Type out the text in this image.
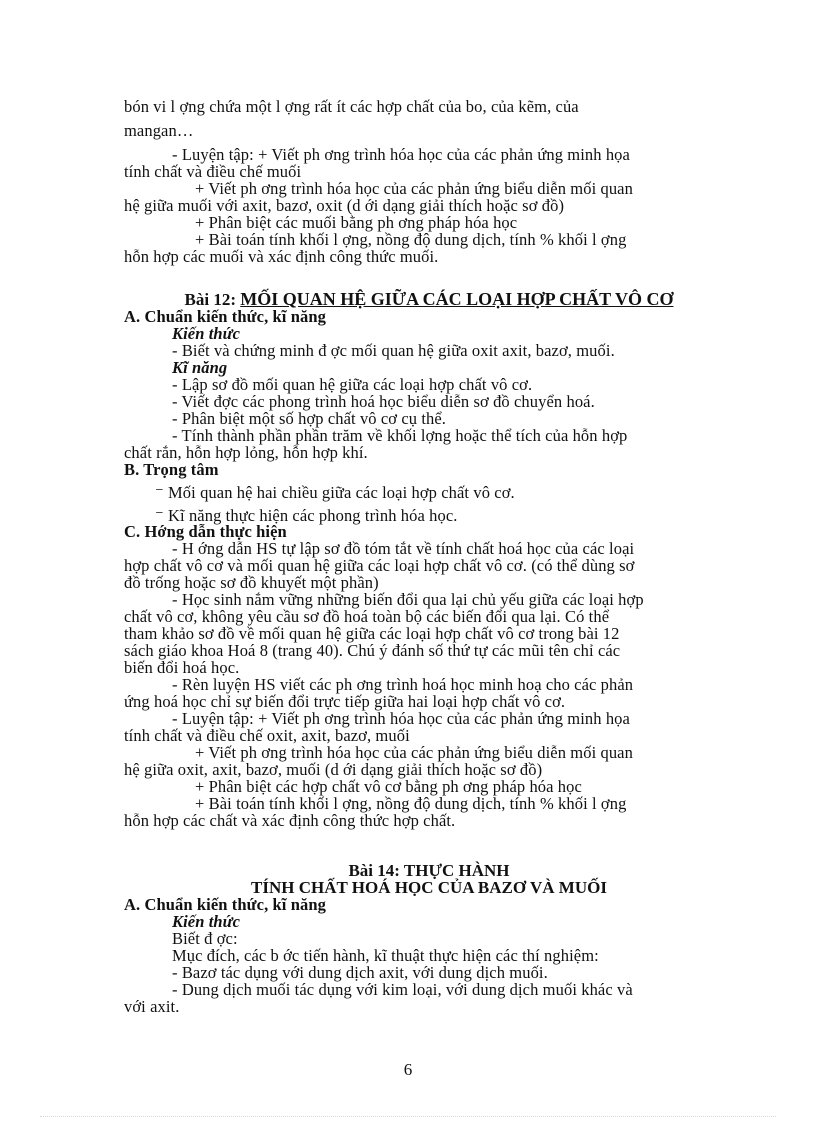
bón vi l ợng chứa một l ợng rất ít các hợp chất của bo, của kẽm, của
mangan…
- Luyện tập: + Viết ph ơng trình hóa học của các phản ứng minh họa
tính chất và điều chế muối
+ Viết ph ơng trình hóa học của các phản ứng biểu diễn mối quan
hệ giữa muối với axit, bazơ, oxit (d ới dạng giải thích hoặc sơ đồ)
+ Phân biệt các muối bằng ph ơng pháp hóa học
+ Bài toán tính khối l ợng, nồng độ dung dịch, tính % khối l ợng
hỗn hợp các muối và xác định công thức muối.
Bài 12: MỐI QUAN HỆ GIỮA CÁC LOẠI HỢP CHẤT VÔ CƠ
A. Chuẩn kiến thức, kĩ năng
Kiến thức
- Biết và chứng minh đ ợc mối quan hệ giữa oxit axit, bazơ, muối.
Kĩ năng
- Lập sơ đồ mối quan hệ giữa các loại hợp chất vô cơ.
- Viết đợc các phong trình hoá học biểu diễn sơ đồ chuyển hoá.
- Phân biệt một số hợp chất vô cơ cụ thể.
- Tính thành phần phần trăm về khối lợng hoặc thể tích của hỗn hợp
chất rắn, hỗn hợp lỏng, hỗn hợp khí.
B. Trọng tâm
⁻ Mối quan hệ hai chiều giữa các loại hợp chất vô cơ.
⁻ Kĩ năng thực hiện các phong trình hóa học.
C. Hớng dẫn thực hiện
- H ớng dẫn HS tự lập sơ đồ tóm tắt về tính chất hoá học của các loại
hợp chất vô cơ và mối quan hệ giữa các loại hợp chất vô cơ. (có thể dùng sơ
đồ trống hoặc sơ đồ khuyết một phần)
- Học sinh nắm vững những biến đổi qua lại chủ yếu giữa các loại hợp
chất vô cơ, không yêu cầu sơ đồ hoá toàn bộ các biến đổi qua lại. Có thể
tham khảo sơ đồ về mối quan hệ giữa các loại hợp chất vô cơ trong bài 12
sách giáo khoa Hoá 8 (trang 40). Chú ý đánh số thứ tự các mũi tên chỉ các
biến đổi hoá học.
- Rèn luyện HS viết các ph ơng trình hoá học minh hoạ cho các phản
ứng hoá học chỉ sự biến đổi trực tiếp giữa hai loại hợp chất vô cơ.
- Luyện tập: + Viết ph ơng trình hóa học của các phản ứng minh họa
tính chất và điều chế oxit, axit, bazơ, muối
+ Viết ph ơng trình hóa học của các phản ứng biểu diễn mối quan
hệ giữa oxit, axit, bazơ, muối (d ới dạng giải thích hoặc sơ đồ)
+ Phân biệt các hợp chất vô cơ bằng ph ơng pháp hóa học
+ Bài toán tính khối l ợng, nồng độ dung dịch, tính % khối l ợng
hỗn hợp các chất và xác định công thức hợp chất.
Bài 14: THỰC HÀNH
TÍNH CHẤT HOÁ HỌC CỦA BAZƠ VÀ MUỐI
A. Chuẩn kiến thức, kĩ năng
Kiến thức
Biết đ ợc:
Mục đích, các b ớc tiến hành, kĩ thuật thực hiện các thí nghiệm:
- Bazơ tác dụng với dung dịch axit, với dung dịch muối.
- Dung dịch muối tác dụng với kim loại, với dung dịch muối khác và
với axit.
6
